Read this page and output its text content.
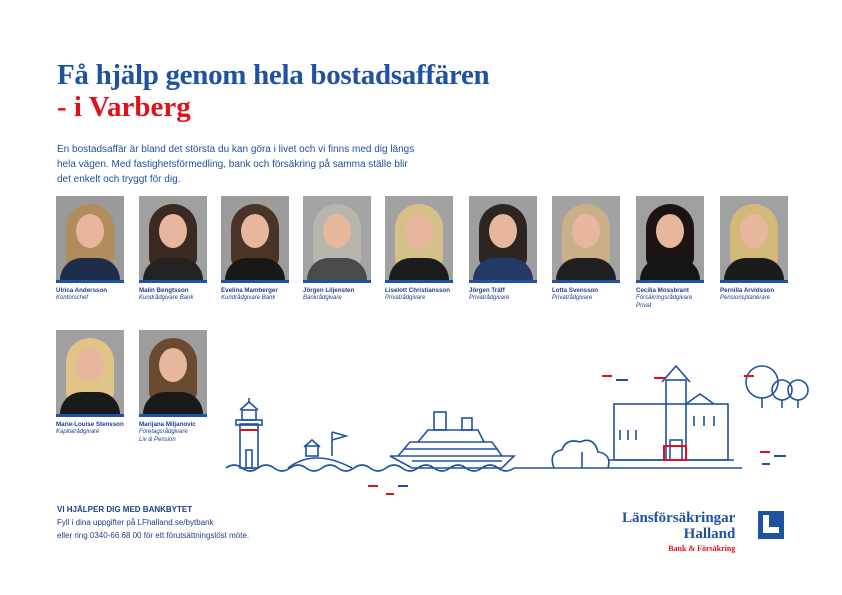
Få hjälp genom hela bostadsaffären
- i Varberg
En bostadsaffär är bland det största du kan göra i livet och vi finns med dig längs
hela vägen. Med fastighetsförmedling, bank och försäkring på samma ställe blir
det enkelt och tryggt för dig.
Ulrica Andersson
Kontorschef
Malin Bengtsson
Kundrådgivare Bank
Evelina Mamberger
Kundrådgivare Bank
Jörgen Liljensten
Bankrådgivare
Liselott Christiansson
Privatrådgivare
Jörgen Träff
Privatrådgivare
Lotta Svensson
Privatrådgivare
Cecilia Mossbrant
Försäkringsrådgivare
Privat
Pernilla Arvidsson
Pensionsplanerare
Marie-Louise Stensson
Kapitalrådgivare
Marijana Miljanovic
Företagsrådgivare
Liv & Pension
VI HJÄLPER DIG MED BANKBYTET
Fyll i dina uppgifter på LFhalland.se/bytbank
eller ring 0340-66 68 00 för ett förutsättningslöst möte.
Länsförsäkringar
Halland
Bank & Försäkring
